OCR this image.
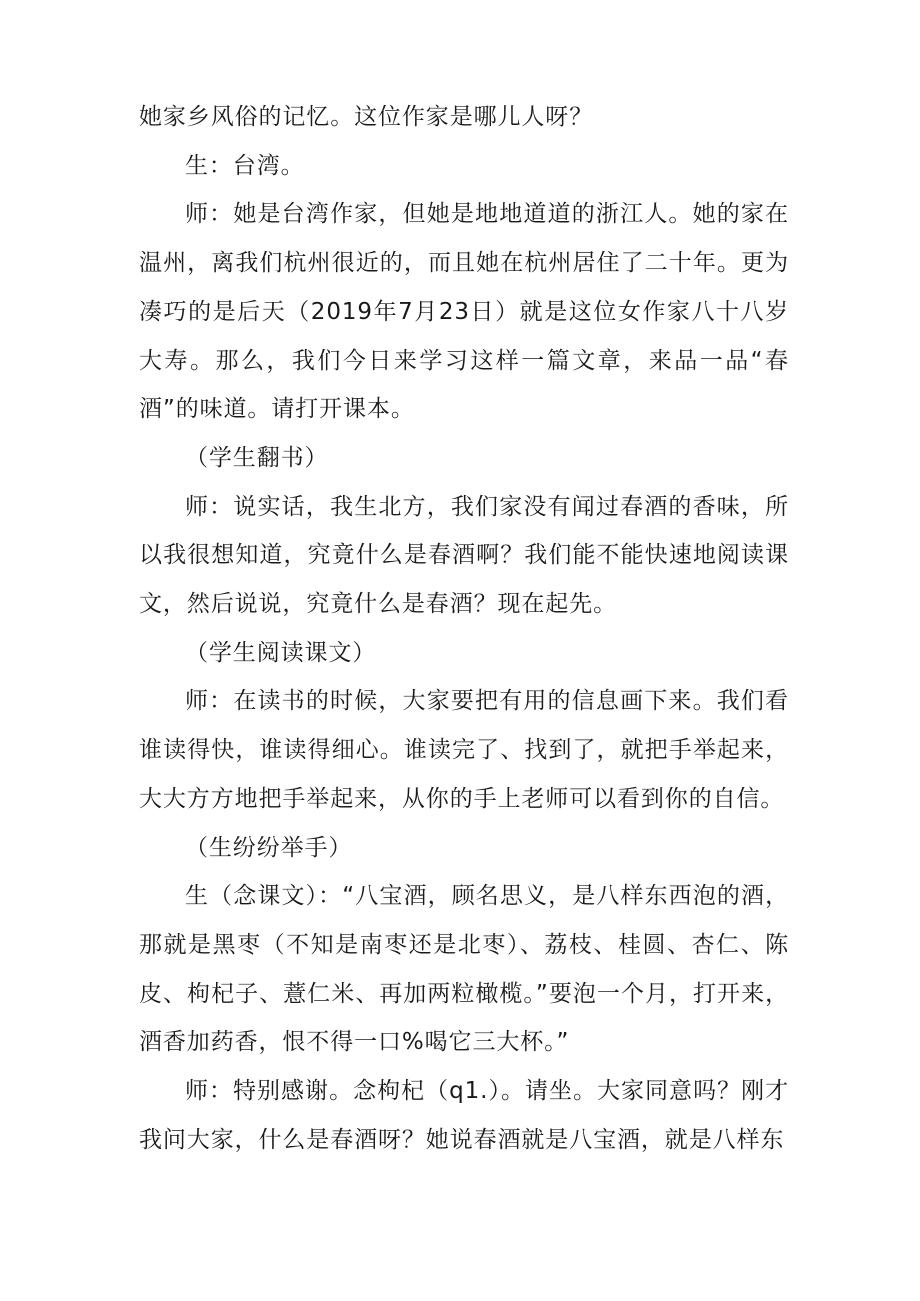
她家乡风俗的记忆。这位作家是哪儿人呀？

生：台湾。

师：她是台湾作家，但她是地地道道的浙江人。她的家在温州，离我们杭州很近的，而且她在杭州居住了二十年。更为凑巧的是后天（2019年7月23日）就是这位女作家八十八岁大寿。那么，我们今日来学习这样一篇文章，来品一品“春酒”的味道。请打开课本。

（学生翻书）

师：说实话，我生北方，我们家没有闻过春酒的香味，所以我很想知道，究竟什么是春酒啊？我们能不能快速地阅读课文，然后说说，究竟什么是春酒？现在起先。

（学生阅读课文）

师：在读书的时候，大家要把有用的信息画下来。我们看谁读得快，谁读得细心。谁读完了、找到了，就把手举起来，大大方方地把手举起来，从你的手上老师可以看到你的自信。

（生纷纷举手）

生（念课文）：“八宝酒，顾名思义，是八样东西泡的酒，那就是黑枣（不知是南枣还是北枣）、荔枝、桂圆、杏仁、陈皮、枸杞子、薏仁米、再加两粒橄榄。”要泡一个月，打开来，酒香加药香，恨不得一口%喝它三大杯。”

师：特别感谢。念枸杞（q1.）。请坐。大家同意吗？刚才我问大家，什么是春酒呀？她说春酒就是八宝酒，就是八样东
